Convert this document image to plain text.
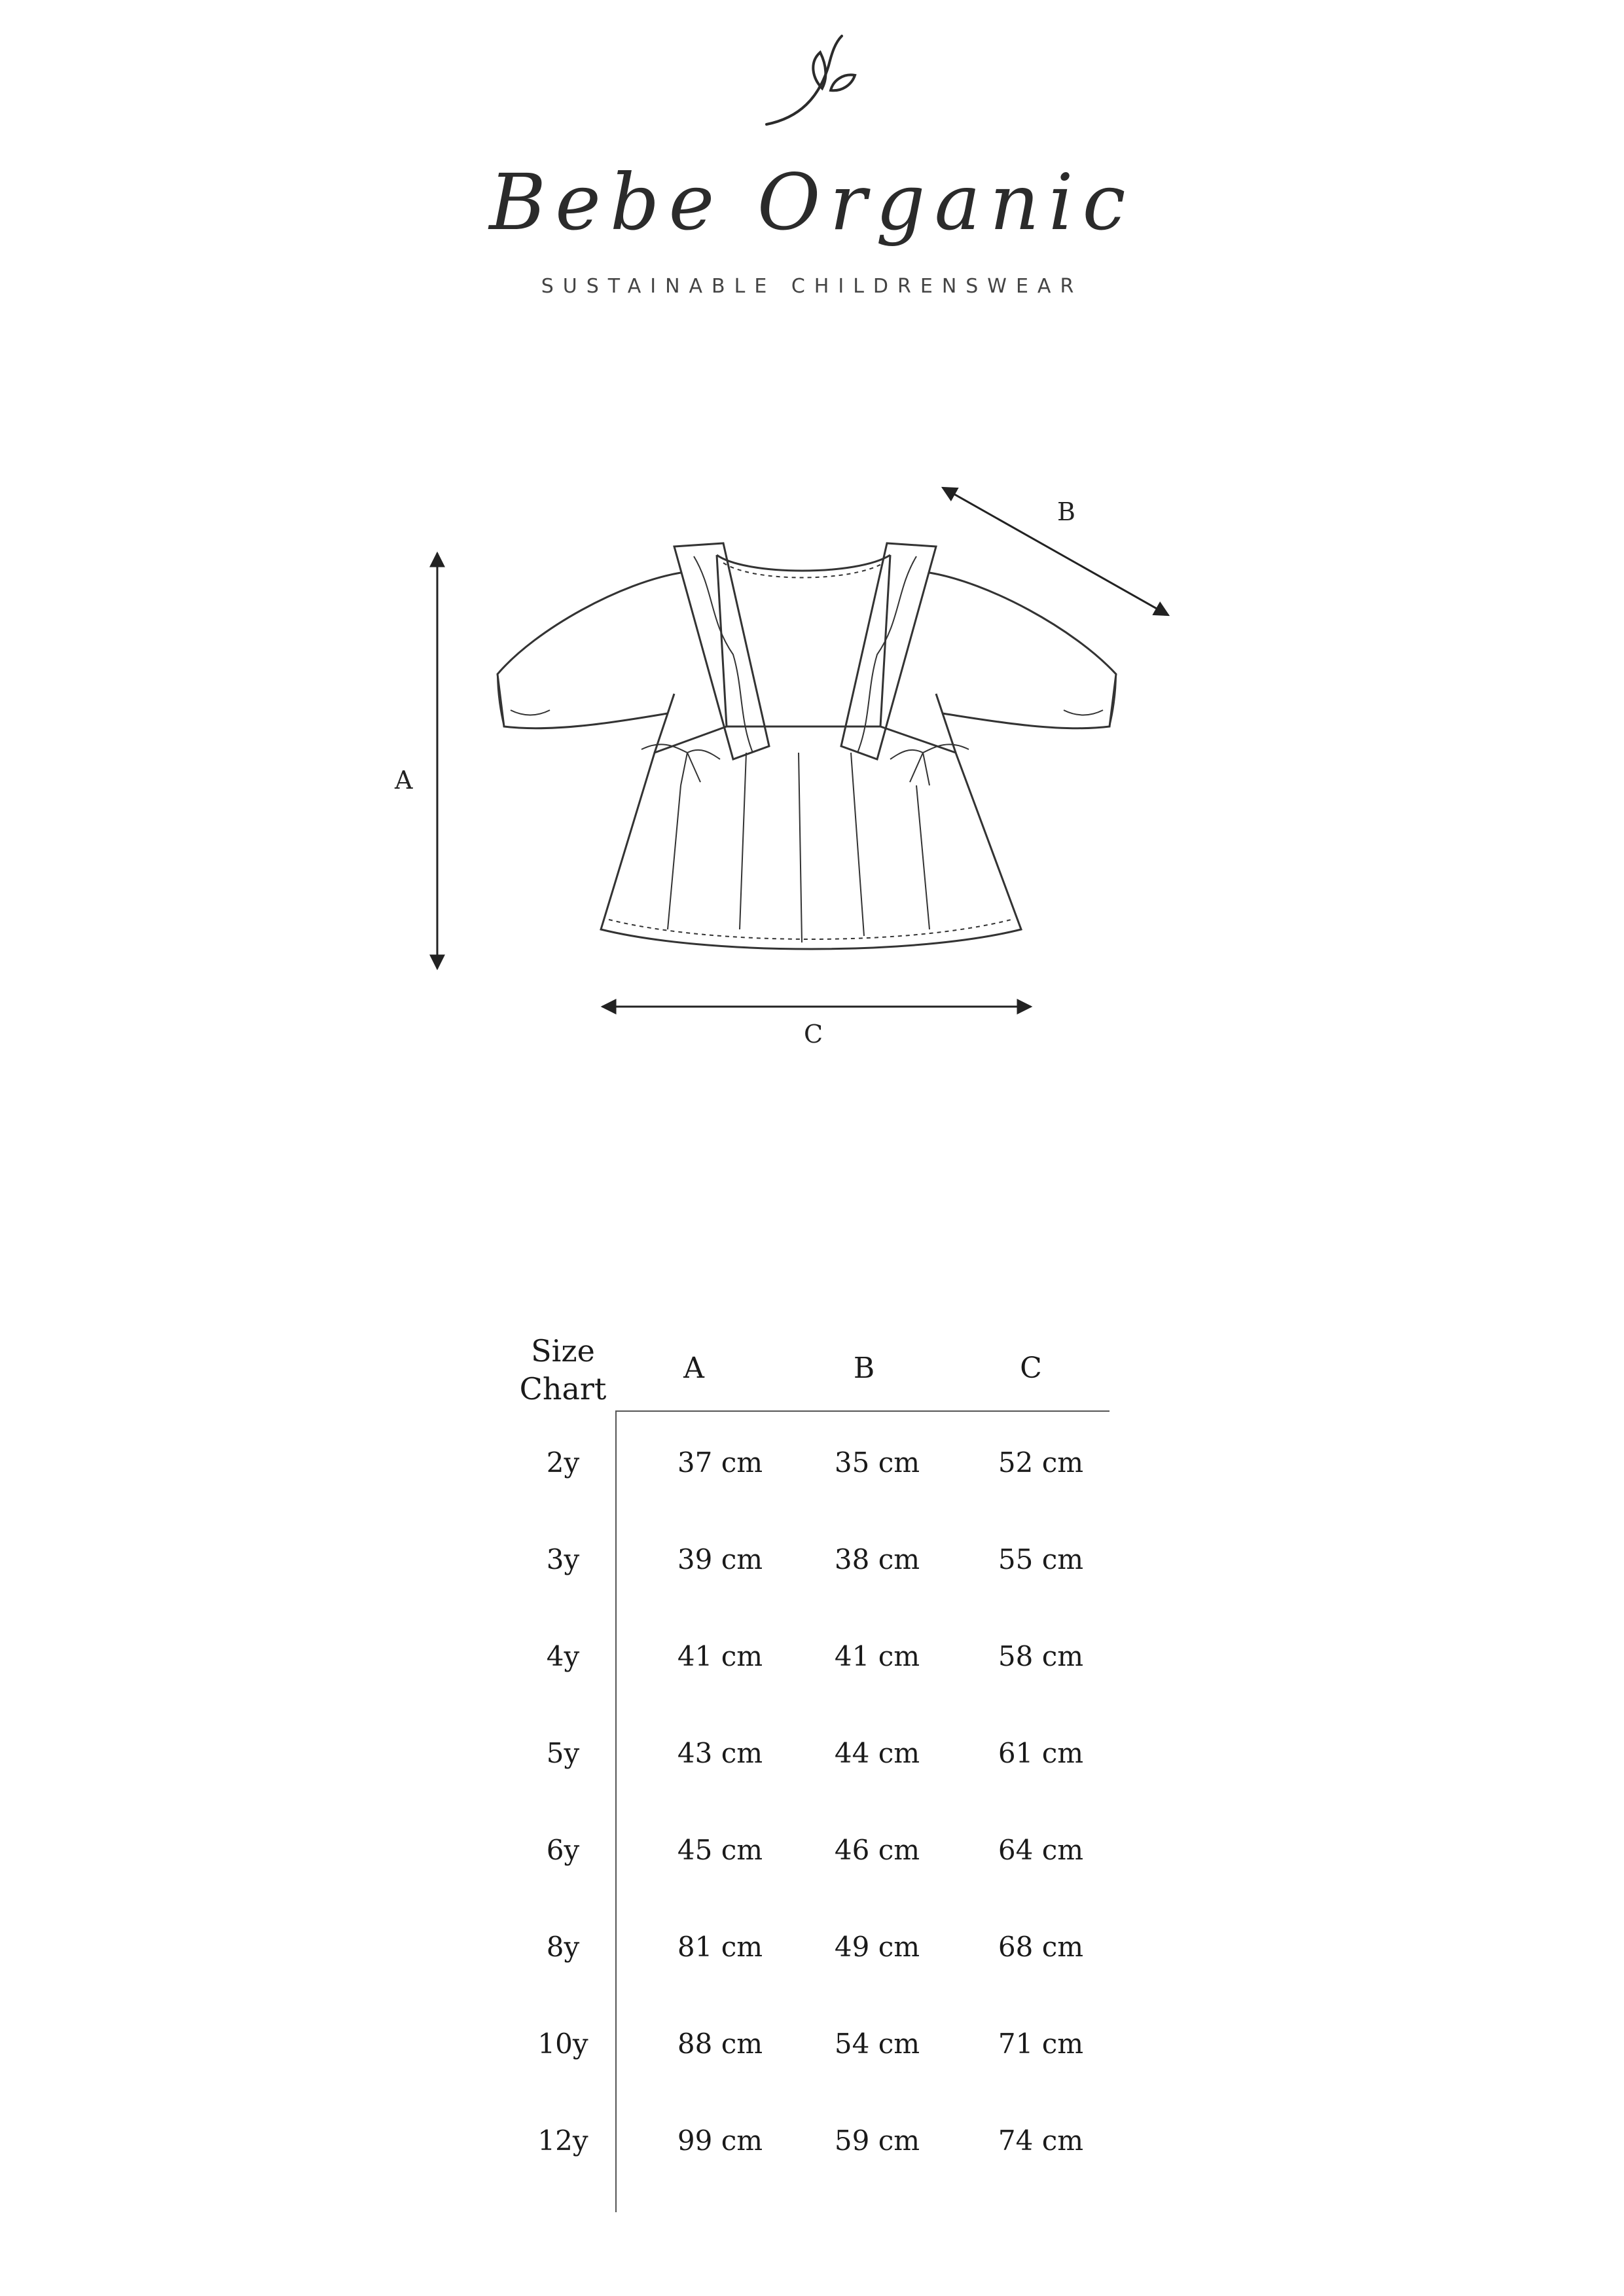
Bebe Organic
SUSTAINABLE CHILDRENSWEAR
A
B
C
Size
Chart
A	B	C
2y	37 cm	35 cm	52 cm
3y	39 cm	38 cm	55 cm
4y	41 cm	41 cm	58 cm
5y	43 cm	44 cm	61 cm
6y	45 cm	46 cm	64 cm
8y	81 cm	49 cm	68 cm
10y	88 cm	54 cm	71 cm
12y	99 cm	59 cm	74 cm
